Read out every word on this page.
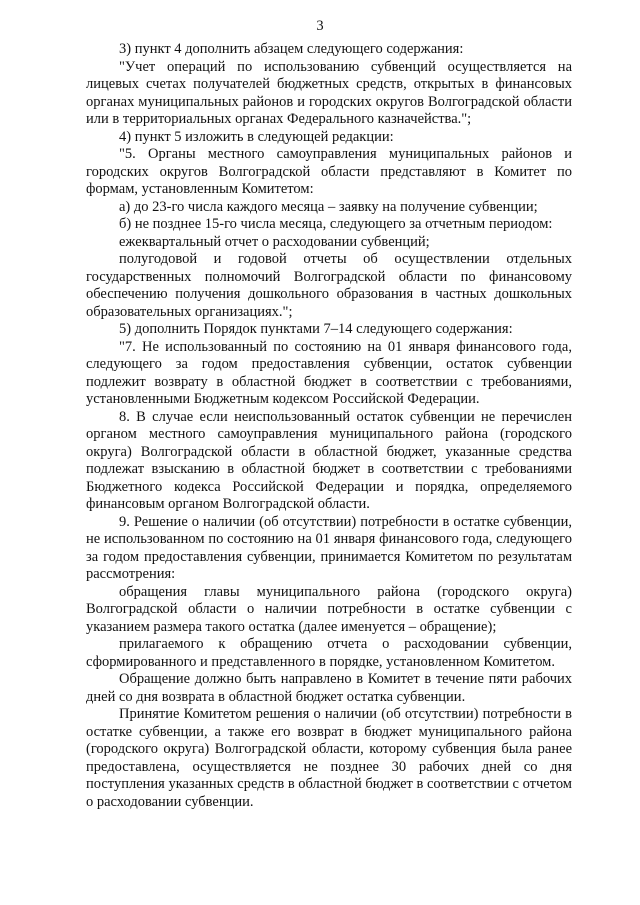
3

3) пункт 4 дополнить абзацем следующего содержания:

"Учет операций по использованию субвенций осуществляется на лицевых счетах получателей бюджетных средств, открытых в финансовых органах муниципальных районов и городских округов Волгоградской области или в территориальных органах Федерального казначейства.";

4) пункт 5 изложить в следующей редакции:

"5. Органы местного самоуправления муниципальных районов и городских округов Волгоградской области представляют в Комитет по формам, установленным Комитетом:

а) до 23-го числа каждого месяца – заявку на получение субвенции;

б) не позднее 15-го числа месяца, следующего за отчетным периодом:

ежеквартальный отчет о расходовании субвенций;

полугодовой и годовой отчеты об осуществлении отдельных государственных полномочий Волгоградской области по финансовому обеспечению получения дошкольного образования в частных дошкольных образовательных организациях.";

5) дополнить Порядок пунктами 7–14 следующего содержания:

"7. Не использованный по состоянию на 01 января финансового года, следующего за годом предоставления субвенции, остаток субвенции подлежит возврату в областной бюджет в соответствии с требованиями, установленными Бюджетным кодексом Российской Федерации.

8. В случае если неиспользованный остаток субвенции не перечислен органом местного самоуправления муниципального района (городского округа) Волгоградской области в областной бюджет, указанные средства подлежат взысканию в областной бюджет в соответствии с требованиями Бюджетного кодекса Российской Федерации и порядка, определяемого финансовым органом Волгоградской области.

9. Решение о наличии (об отсутствии) потребности в остатке субвенции, не использованном по состоянию на 01 января финансового года, следующего за годом предоставления субвенции, принимается Комитетом по результатам рассмотрения:

обращения главы муниципального района (городского округа) Волгоградской области о наличии потребности в остатке субвенции с указанием размера такого остатка (далее именуется – обращение);

прилагаемого к обращению отчета о расходовании субвенции, сформированного и представленного в порядке, установленном Комитетом.

Обращение должно быть направлено в Комитет в течение пяти рабочих дней со дня возврата в областной бюджет остатка субвенции.

Принятие Комитетом решения о наличии (об отсутствии) потребности в остатке субвенции, а также его возврат в бюджет муниципального района (городского округа) Волгоградской области, которому субвенция была ранее предоставлена, осуществляется не позднее 30 рабочих дней со дня поступления указанных средств в областной бюджет в соответствии с отчетом о расходовании субвенции.
